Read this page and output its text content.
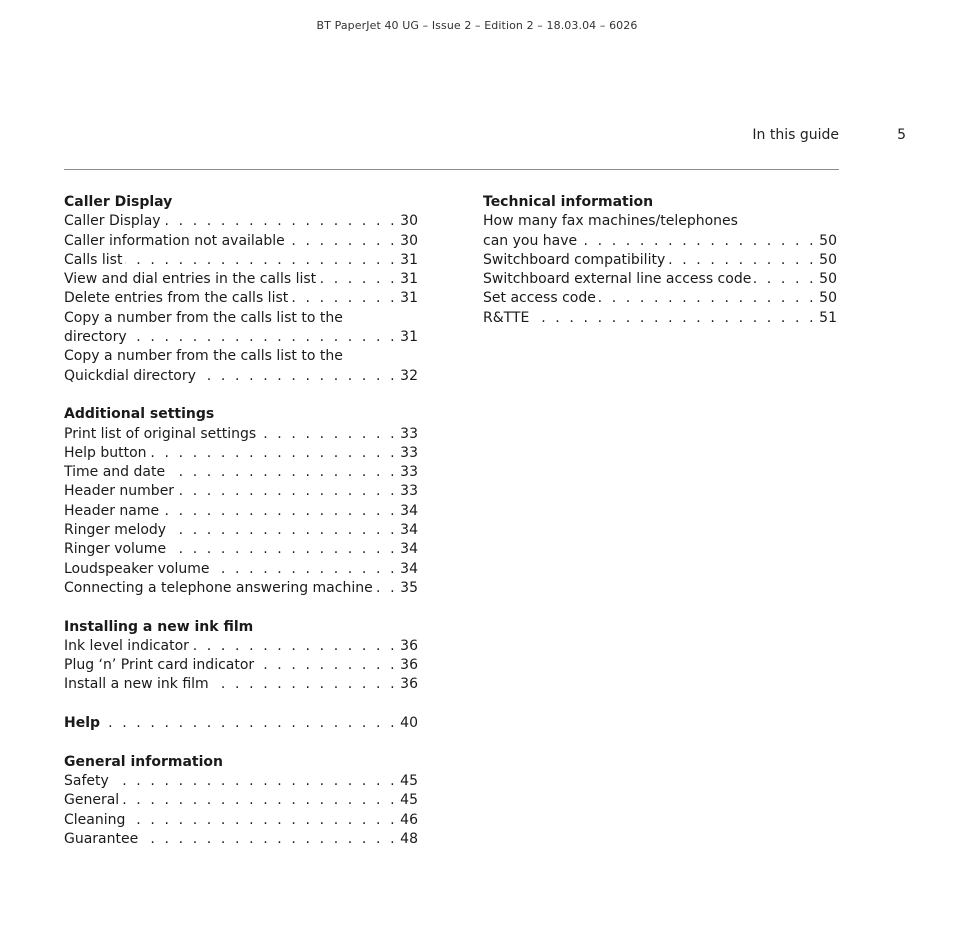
BT PaperJet 40 UG – Issue 2 – Edition 2 – 18.03.04 – 6026
In this guide	5
Caller Display
Caller Display . . .	30
Caller information not available . . .	30
Calls list . . .	31
View and dial entries in the calls list . . .	31
Delete entries from the calls list . . .	31
Copy a number from the calls list to the
directory . . .	31
Copy a number from the calls list to the
Quickdial directory . . .	32
Additional settings
Print list of original settings . . .	33
Help button . . .	33
Time and date . . .	33
Header number . . .	33
Header name . . .	34
Ringer melody . . .	34
Ringer volume . . .	34
Loudspeaker volume . . .	34
Connecting a telephone answering machine . . . 35
Installing a new ink film
Ink level indicator . . .	36
Plug ‘n’ Print card indicator . . .	36
Install a new ink film . . .	36
Help . . .	40
General information
Safety . . .	45
General . . .	45
Cleaning . . .	46
Guarantee . . .	48
Technical information
How many fax machines/telephones
can you have . . .	50
Switchboard compatibility . . .	50
Switchboard external line access code . . .	50
Set access code . . .	50
R&TTE . . .	51
